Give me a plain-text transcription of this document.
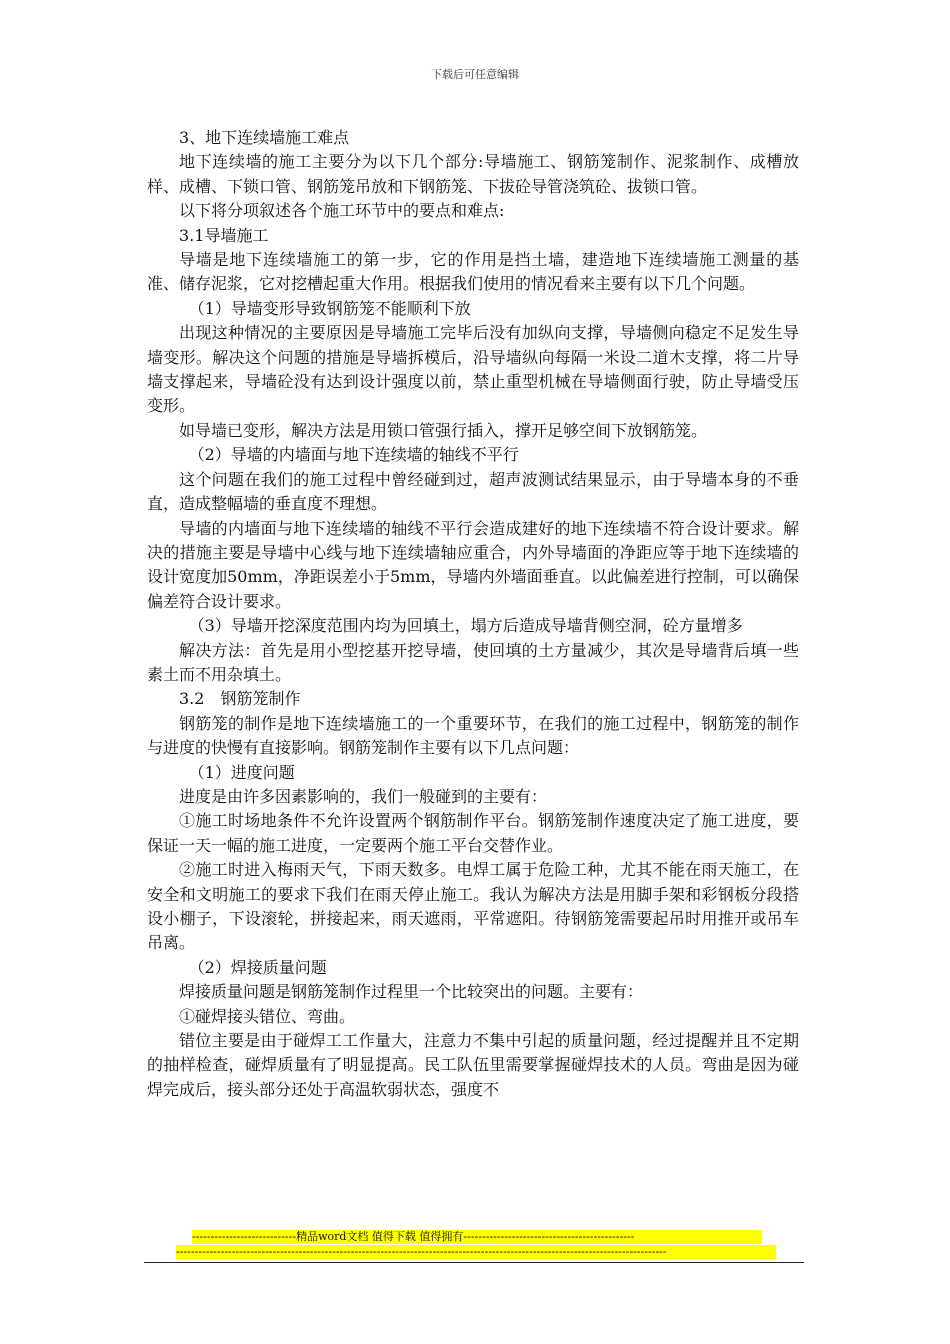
下载后可任意编辑

3、地下连续墙施工难点

地下连续墙的施工主要分为以下几个部分:导墙施工、钢筋笼制作、泥浆制作、成槽放样、成槽、下锁口管、钢筋笼吊放和下钢筋笼、下拔砼导管浇筑砼、拔锁口管。

以下将分项叙述各个施工环节中的要点和难点:

3.1导墙施工

导墙是地下连续墙施工的第一步，它的作用是挡土墙，建造地下连续墙施工测量的基准、储存泥浆，它对挖槽起重大作用。根据我们使用的情况看来主要有以下几个问题。

（1）导墙变形导致钢筋笼不能顺利下放

出现这种情况的主要原因是导墙施工完毕后没有加纵向支撑，导墙侧向稳定不足发生导墙变形。解决这个问题的措施是导墙拆模后，沿导墙纵向每隔一米设二道木支撑，将二片导墙支撑起来，导墙砼没有达到设计强度以前，禁止重型机械在导墙侧面行驶，防止导墙受压变形。

如导墙已变形，解决方法是用锁口管强行插入，撑开足够空间下放钢筋笼。

（2）导墙的内墙面与地下连续墙的轴线不平行

这个问题在我们的施工过程中曾经碰到过，超声波测试结果显示，由于导墙本身的不垂直，造成整幅墙的垂直度不理想。

导墙的内墙面与地下连续墙的轴线不平行会造成建好的地下连续墙不符合设计要求。解决的措施主要是导墙中心线与地下连续墙轴应重合，内外导墙面的净距应等于地下连续墙的设计宽度加50mm，净距误差小于5mm，导墙内外墙面垂直。以此偏差进行控制，可以确保偏差符合设计要求。

（3）导墙开挖深度范围内均为回填土，塌方后造成导墙背侧空洞，砼方量增多

解决方法：首先是用小型挖基开挖导墙，使回填的土方量减少，其次是导墙背后填一些素土而不用杂填土。

3.2　钢筋笼制作

钢筋笼的制作是地下连续墙施工的一个重要环节，在我们的施工过程中，钢筋笼的制作与进度的快慢有直接影响。钢筋笼制作主要有以下几点问题：

（1）进度问题

进度是由许多因素影响的，我们一般碰到的主要有：

①施工时场地条件不允许设置两个钢筋制作平台。钢筋笼制作速度决定了施工进度，要保证一天一幅的施工进度，一定要两个施工平台交替作业。

②施工时进入梅雨天气，下雨天数多。电焊工属于危险工种，尤其不能在雨天施工，在安全和文明施工的要求下我们在雨天停止施工。我认为解决方法是用脚手架和彩钢板分段搭设小棚子，下设滚轮，拼接起来，雨天遮雨，平常遮阳。待钢筋笼需要起吊时用推开或吊车吊离。

（2）焊接质量问题

焊接质量问题是钢筋笼制作过程里一个比较突出的问题。主要有：

①碰焊接头错位、弯曲。

错位主要是由于碰焊工工作量大，注意力不集中引起的质量问题，经过提醒并且不定期的抽样检查，碰焊质量有了明显提高。民工队伍里需要掌握碰焊技术的人员。弯曲是因为碰焊完成后，接头部分还处于高温软弱状态，强度不

----------------------------精品word文档 值得下载 值得拥有----------------------------------------------
------------------------------------------------------------------------------------------------------------------------------------
